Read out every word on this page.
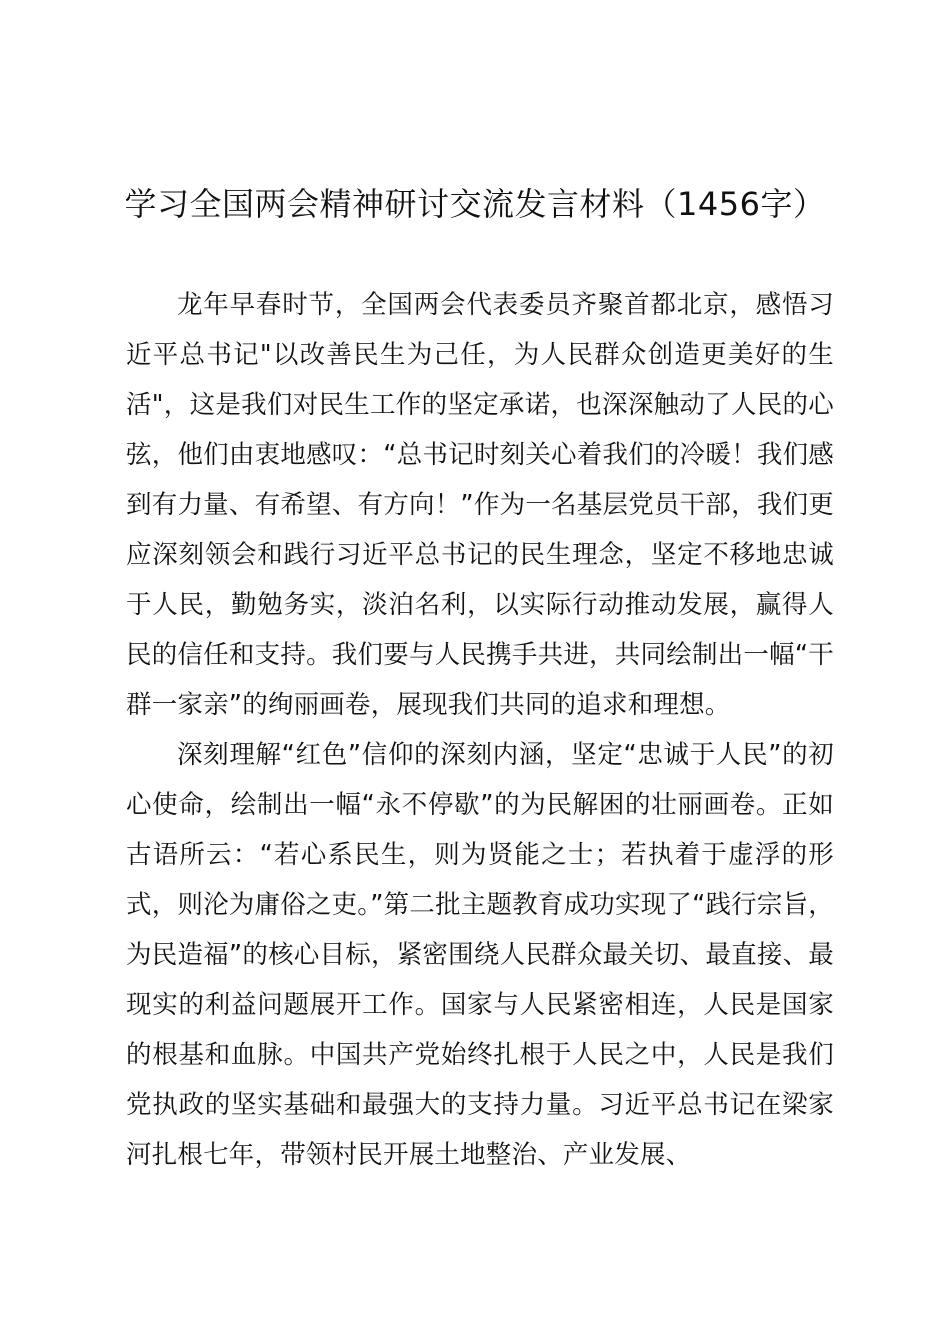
学习全国两会精神研讨交流发言材料（1456字）

龙年早春时节，全国两会代表委员齐聚首都北京，感悟习近平总书记"以改善民生为己任，为人民群众创造更美好的生活"，这是我们对民生工作的坚定承诺，也深深触动了人民的心弦，他们由衷地感叹：“总书记时刻关心着我们的冷暖！我们感到有力量、有希望、有方向！”作为一名基层党员干部，我们更应深刻领会和践行习近平总书记的民生理念，坚定不移地忠诚于人民，勤勉务实，淡泊名利，以实际行动推动发展，赢得人民的信任和支持。我们要与人民携手共进，共同绘制出一幅“干群一家亲”的绚丽画卷，展现我们共同的追求和理想。

深刻理解“红色”信仰的深刻内涵，坚定“忠诚于人民”的初心使命，绘制出一幅“永不停歇”的为民解困的壮丽画卷。正如古语所云：“若心系民生，则为贤能之士；若执着于虚浮的形式，则沦为庸俗之吏。”第二批主题教育成功实现了“践行宗旨，为民造福”的核心目标，紧密围绕人民群众最关切、最直接、最现实的利益问题展开工作。国家与人民紧密相连，人民是国家的根基和血脉。中国共产党始终扎根于人民之中，人民是我们党执政的坚实基础和最强大的支持力量。习近平总书记在梁家河扎根七年，带领村民开展土地整治、产业发展、
